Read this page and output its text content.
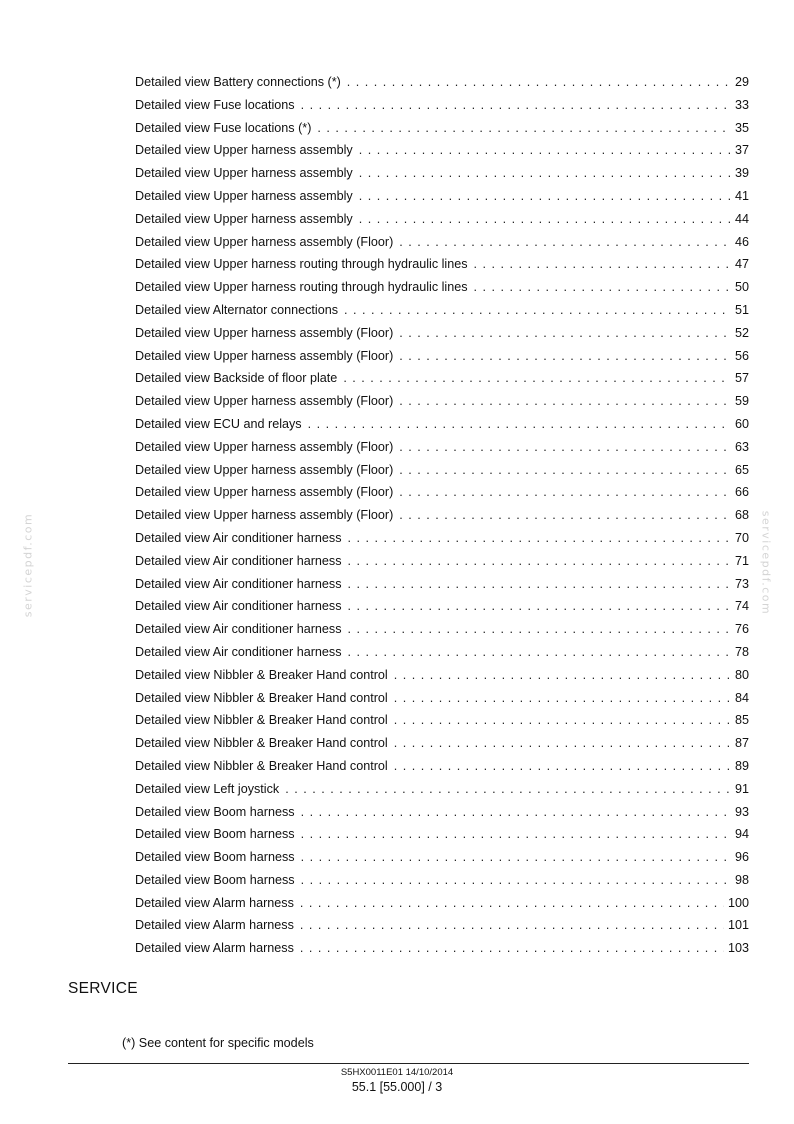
Detailed view Battery connections (*) . . .	29
Detailed view Fuse locations . . .	33
Detailed view Fuse locations (*) . . .	35
Detailed view Upper harness assembly . . .	37
Detailed view Upper harness assembly . . .	39
Detailed view Upper harness assembly . . .	41
Detailed view Upper harness assembly . . .	44
Detailed view Upper harness assembly (Floor) . . .	46
Detailed view Upper harness routing through hydraulic lines . . .	47
Detailed view Upper harness routing through hydraulic lines . . .	50
Detailed view Alternator connections . . .	51
Detailed view Upper harness assembly (Floor) . . .	52
Detailed view Upper harness assembly (Floor) . . .	56
Detailed view Backside of floor plate . . .	57
Detailed view Upper harness assembly (Floor) . . .	59
Detailed view ECU and relays . . .	60
Detailed view Upper harness assembly (Floor) . . .	63
Detailed view Upper harness assembly (Floor) . . .	65
Detailed view Upper harness assembly (Floor) . . .	66
Detailed view Upper harness assembly (Floor) . . .	68
Detailed view Air conditioner harness . . .	70
Detailed view Air conditioner harness . . .	71
Detailed view Air conditioner harness . . .	73
Detailed view Air conditioner harness . . .	74
Detailed view Air conditioner harness . . .	76
Detailed view Air conditioner harness . . .	78
Detailed view Nibbler & Breaker Hand control . . .	80
Detailed view Nibbler & Breaker Hand control . . .	84
Detailed view Nibbler & Breaker Hand control . . .	85
Detailed view Nibbler & Breaker Hand control . . .	87
Detailed view Nibbler & Breaker Hand control . . .	89
Detailed view Left joystick . . .	91
Detailed view Boom harness . . .	93
Detailed view Boom harness . . .	94
Detailed view Boom harness . . .	96
Detailed view Boom harness . . .	98
Detailed view Alarm harness . . .	100
Detailed view Alarm harness . . .	101
Detailed view Alarm harness . . .	103
SERVICE
(*) See content for specific models
S5HX0011E01 14/10/2014
55.1 [55.000] / 3
servicepdf.com	servicepdf.com
